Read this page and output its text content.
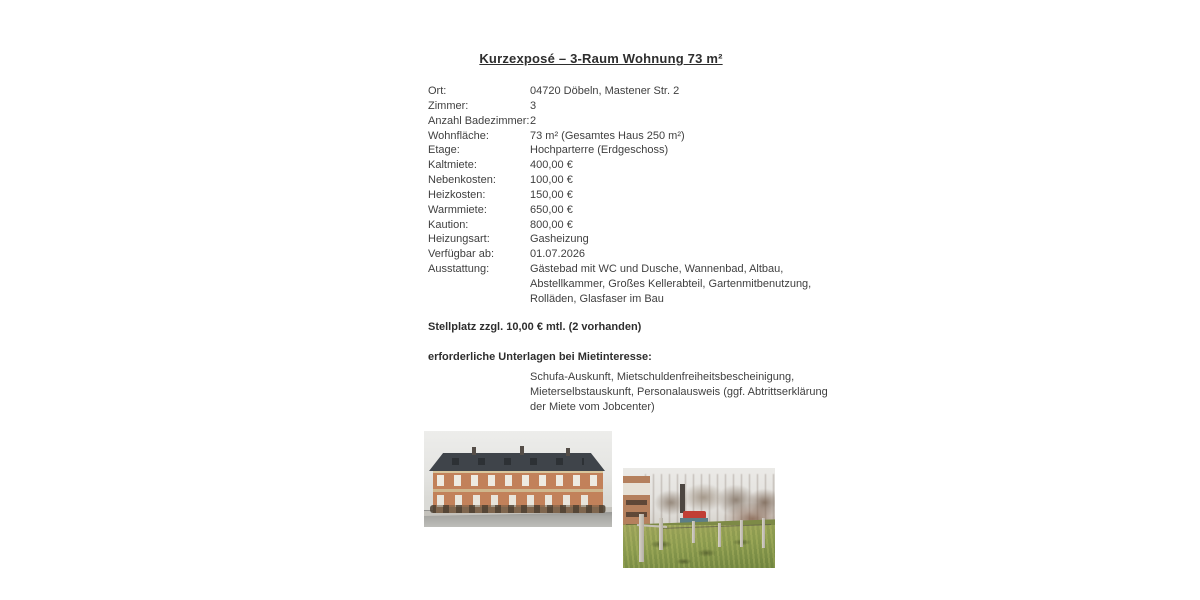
Kurzexposé – 3-Raum Wohnung 73 m²
Ort:	04720 Döbeln, Mastener Str. 2
Zimmer:	3
Anzahl Badezimmer: 2
Wohnfläche:	73 m² (Gesamtes Haus 250 m²)
Etage:	Hochparterre (Erdgeschoss)
Kaltmiete:	400,00 €
Nebenkosten:	100,00 €
Heizkosten:	150,00 €
Warmmiete:	650,00 €
Kaution:	800,00 €
Heizungsart:	Gasheizung
Verfügbar ab:	01.07.2026
Ausstattung:	Gästebad mit WC und Dusche, Wannenbad, Altbau,
Abstellkammer, Großes Kellerabteil, Gartenmitbenutzung,
Rolläden, Glasfaser im Bau
Stellplatz zzgl. 10,00 € mtl. (2 vorhanden)
erforderliche Unterlagen bei Mietinteresse:
Schufa-Auskunft, Mietschuldenfreiheitsbescheinigung,
Mieterselbstauskunft, Personalausweis (ggf. Abtrittserklärung
der Miete vom Jobcenter)
